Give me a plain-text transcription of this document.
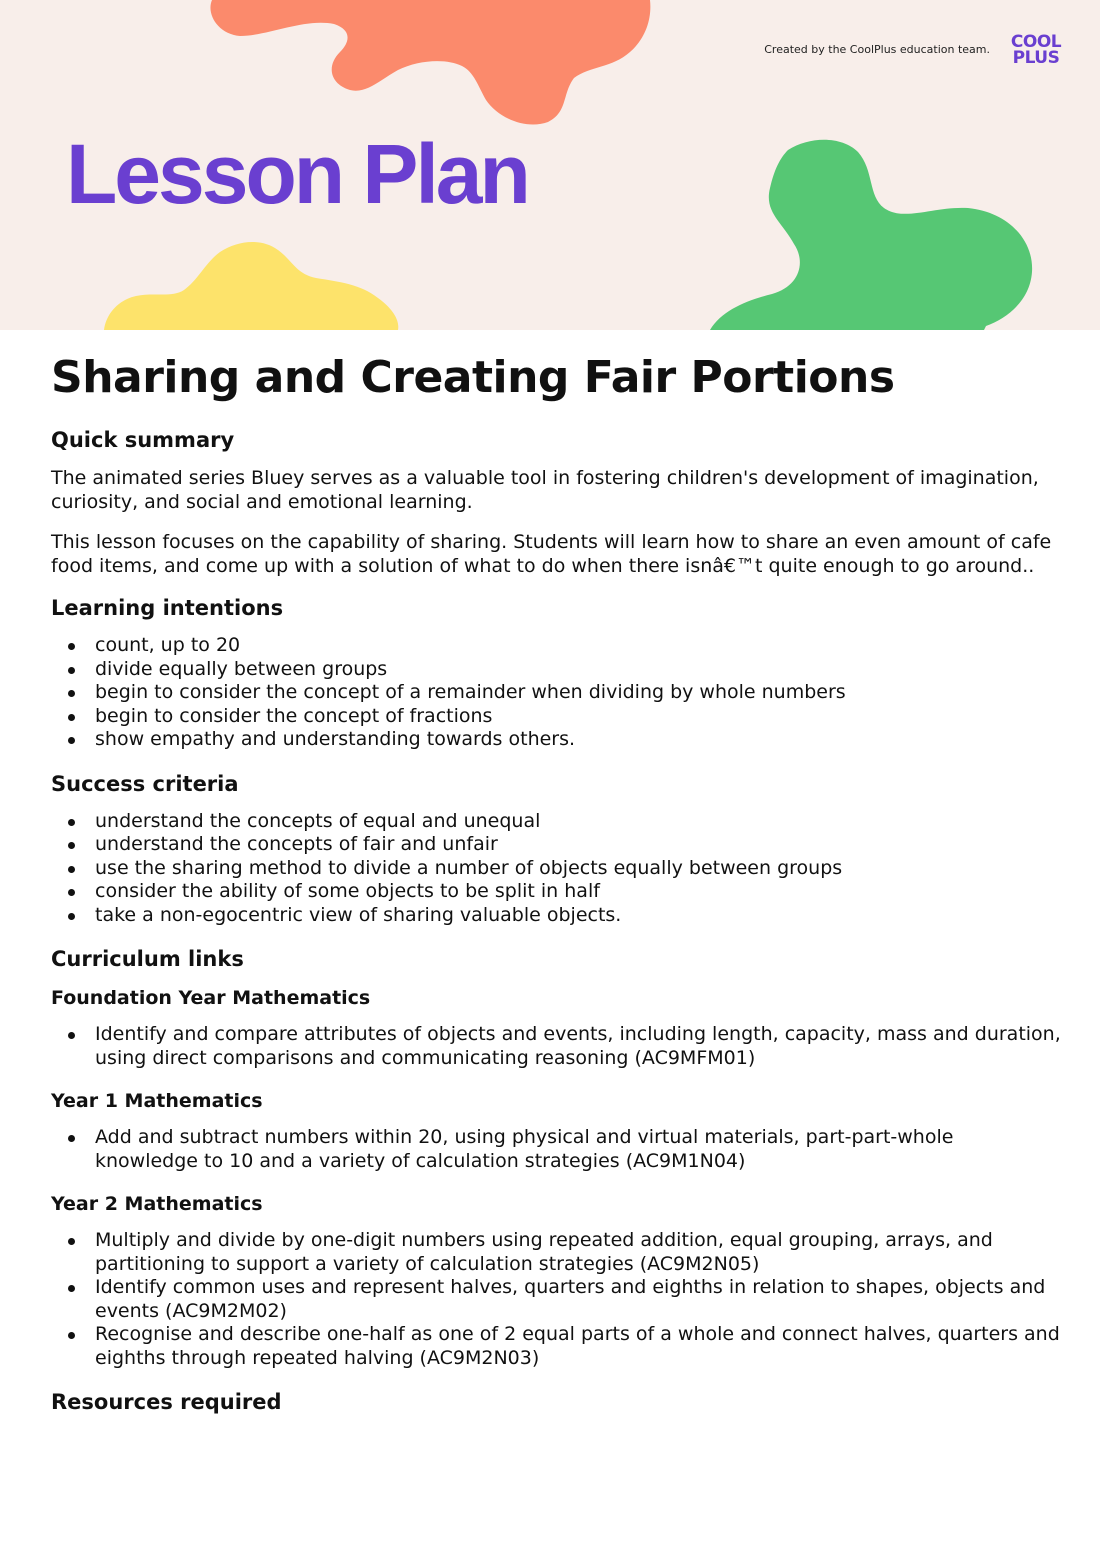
Created by the CoolPlus education team.	COOL
PLUS
Lesson Plan
Sharing and Creating Fair Portions
Quick summary

The animated series Bluey serves as a valuable tool in fostering children's development of imagination, curiosity, and social and emotional learning.

This lesson focuses on the capability of sharing. Students will learn how to share an even amount of cafe food items, and come up with a solution of what to do when there isnâ€™t quite enough to go around..

Learning intentions
count, up to 20
divide equally between groups
begin to consider the concept of a remainder when dividing by whole numbers
begin to consider the concept of fractions
show empathy and understanding towards others.
Success criteria
understand the concepts of equal and unequal
understand the concepts of fair and unfair
use the sharing method to divide a number of objects equally between groups
consider the ability of some objects to be split in half
take a non-egocentric view of sharing valuable objects.
Curriculum links
Foundation Year Mathematics
Identify and compare attributes of objects and events, including length, capacity, mass and duration, using direct comparisons and communicating reasoning (AC9MFM01)
Year 1 Mathematics
Add and subtract numbers within 20, using physical and virtual materials, part-part-whole knowledge to 10 and a variety of calculation strategies (AC9M1N04)
Year 2 Mathematics
Multiply and divide by one-digit numbers using repeated addition, equal grouping, arrays, and partitioning to support a variety of calculation strategies (AC9M2N05)
Identify common uses and represent halves, quarters and eighths in relation to shapes, objects and events (AC9M2M02)
Recognise and describe one-half as one of 2 equal parts of a whole and connect halves, quarters and eighths through repeated halving (AC9M2N03)
Resources required
